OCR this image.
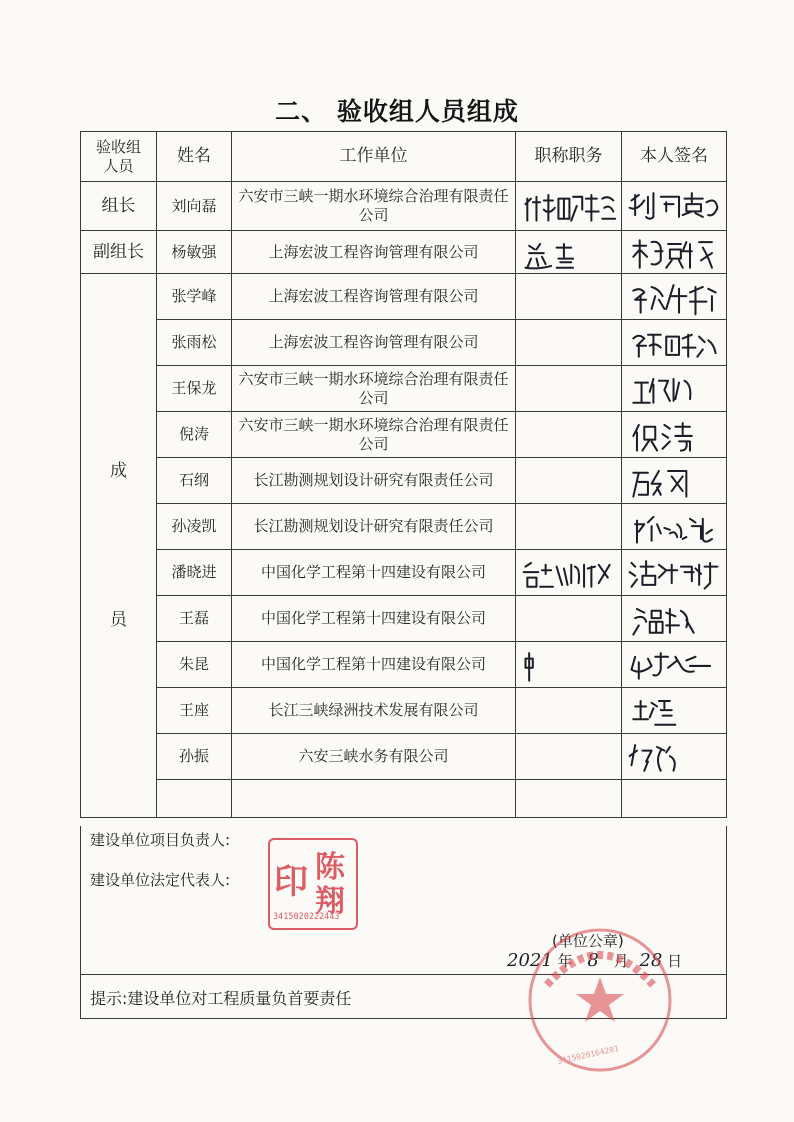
二、 验收组人员组成
验收组人员	姓名	工作单位	职称职务	本人签名
组长	刘向磊	六安市三峡一期水环境综合治理有限责任公司	

副组长	杨敏强	上海宏波工程咨询管理有限公司	

成
员	张学峰	上海宏波工程咨询管理有限公司		

	张雨松	上海宏波工程咨询管理有限公司		

	王保龙	六安市三峡一期水环境综合治理有限责任公司		

	倪涛	六安市三峡一期水环境综合治理有限责任公司		

	石纲	长江勘测规划设计研究有限责任公司		

	孙凌凯	长江勘测规划设计研究有限责任公司		

	潘晓进	中国化学工程第十四建设有限公司	

	王磊	中国化学工程第十四建设有限公司		

	朱昆	中国化学工程第十四建设有限公司	

	王座	长江三峡绿洲技术发展有限公司		

	孙振	六安三峡水务有限公司		

建设单位项目负责人:
建设单位法定代表人:	陈
翔
印
3415020222443
(单位公章)
2021 年 8 月 28 日
提示:建设单位对工程质量负首要责任
3415020164201
